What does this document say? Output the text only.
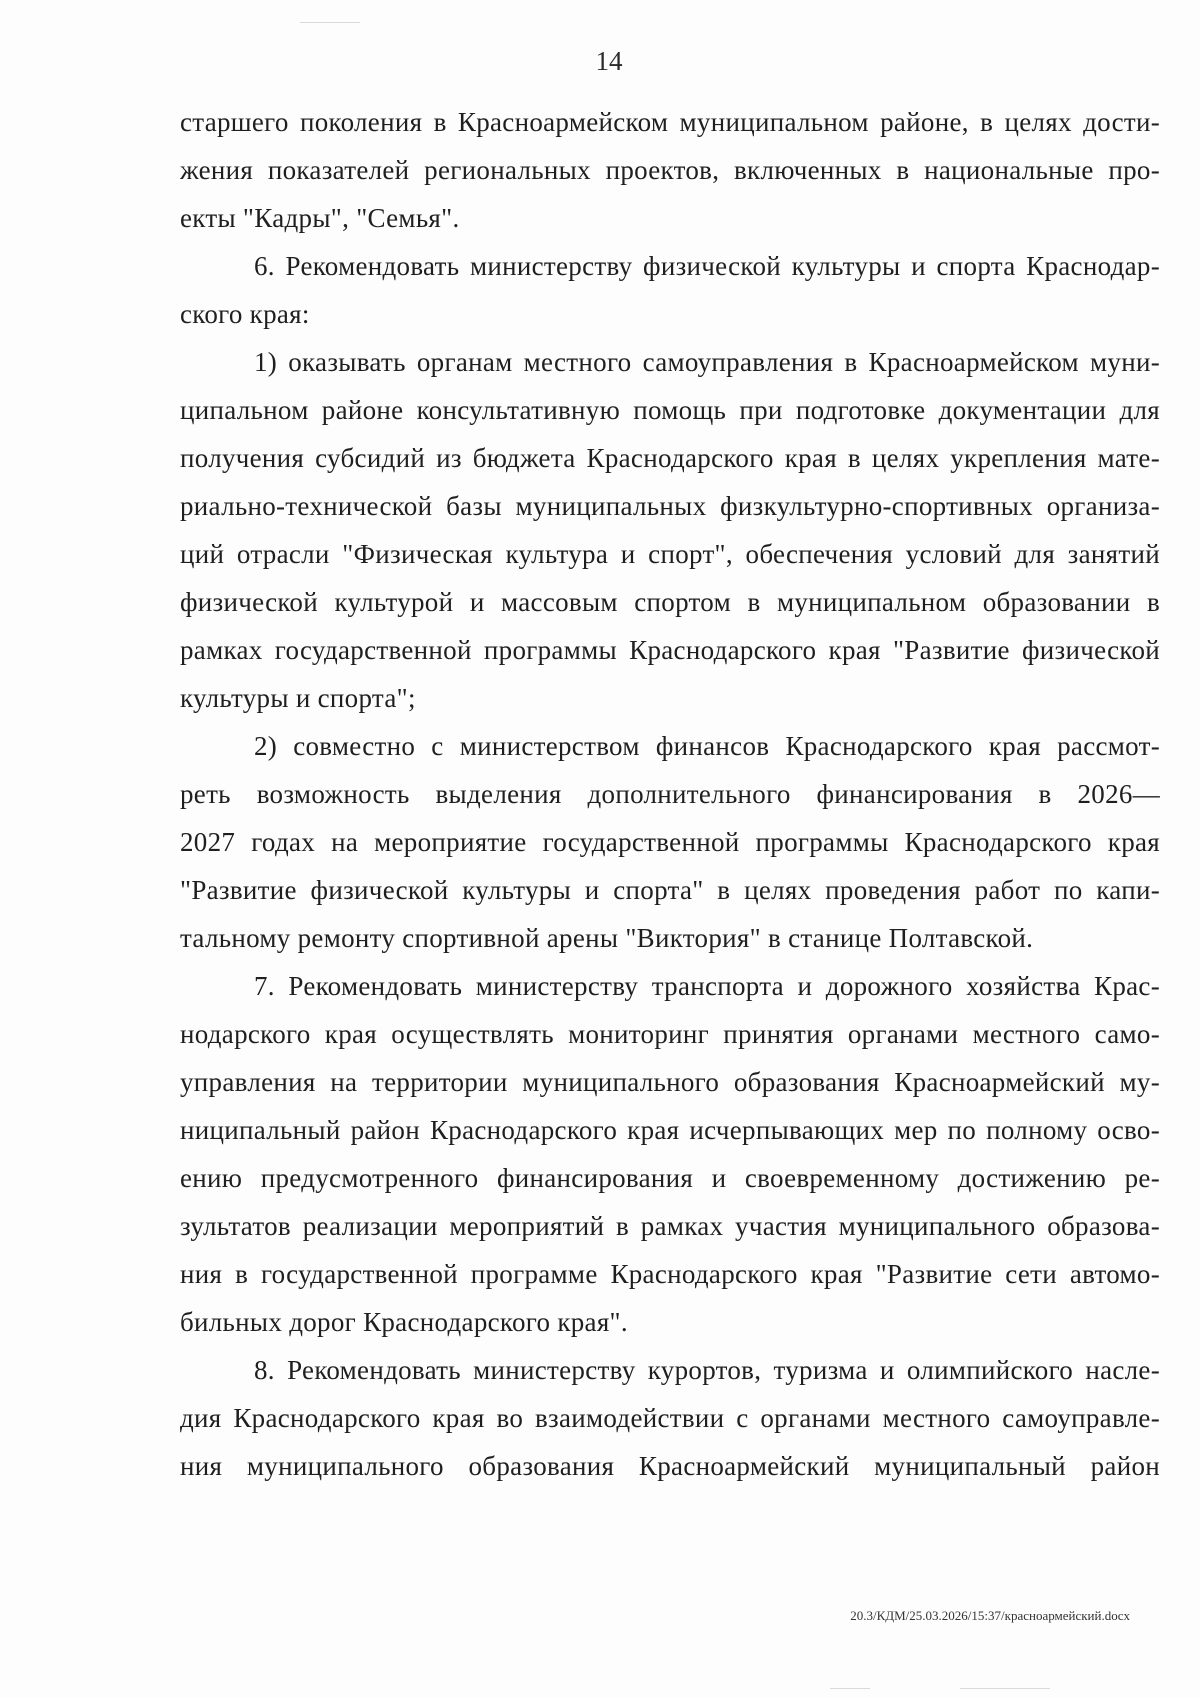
14
старшего поколения в Красноармейском муниципальном районе, в целях дости-
жения показателей региональных проектов, включенных в национальные про-
екты "Кадры", "Семья".
6. Рекомендовать министерству физической культуры и спорта Краснодар-
ского края:
1) оказывать органам местного самоуправления в Красноармейском муни-
ципальном районе консультативную помощь при подготовке документации для
получения субсидий из бюджета Краснодарского края в целях укрепления мате-
риально-технической базы муниципальных физкультурно-спортивных организа-
ций отрасли "Физическая культура и спорт", обеспечения условий для занятий
физической культурой и массовым спортом в муниципальном образовании в
рамках государственной программы Краснодарского края "Развитие физической
культуры и спорта";
2) совместно с министерством финансов Краснодарского края рассмот-
реть возможность выделения дополнительного финансирования в 2026—
2027 годах на мероприятие государственной программы Краснодарского края
"Развитие физической культуры и спорта" в целях проведения работ по капи-
тальному ремонту спортивной арены "Виктория" в станице Полтавской.
7. Рекомендовать министерству транспорта и дорожного хозяйства Крас-
нодарского края осуществлять мониторинг принятия органами местного само-
управления на территории муниципального образования Красноармейский му-
ниципальный район Краснодарского края исчерпывающих мер по полному осво-
ению предусмотренного финансирования и своевременному достижению ре-
зультатов реализации мероприятий в рамках участия муниципального образова-
ния в государственной программе Краснодарского края "Развитие сети автомо-
бильных дорог Краснодарского края".
8. Рекомендовать министерству курортов, туризма и олимпийского насле-
дия Краснодарского края во взаимодействии с органами местного самоуправле-
ния муниципального образования Красноармейский муниципальный район
20.3/КДМ/25.03.2026/15:37/красноармейский.docx
